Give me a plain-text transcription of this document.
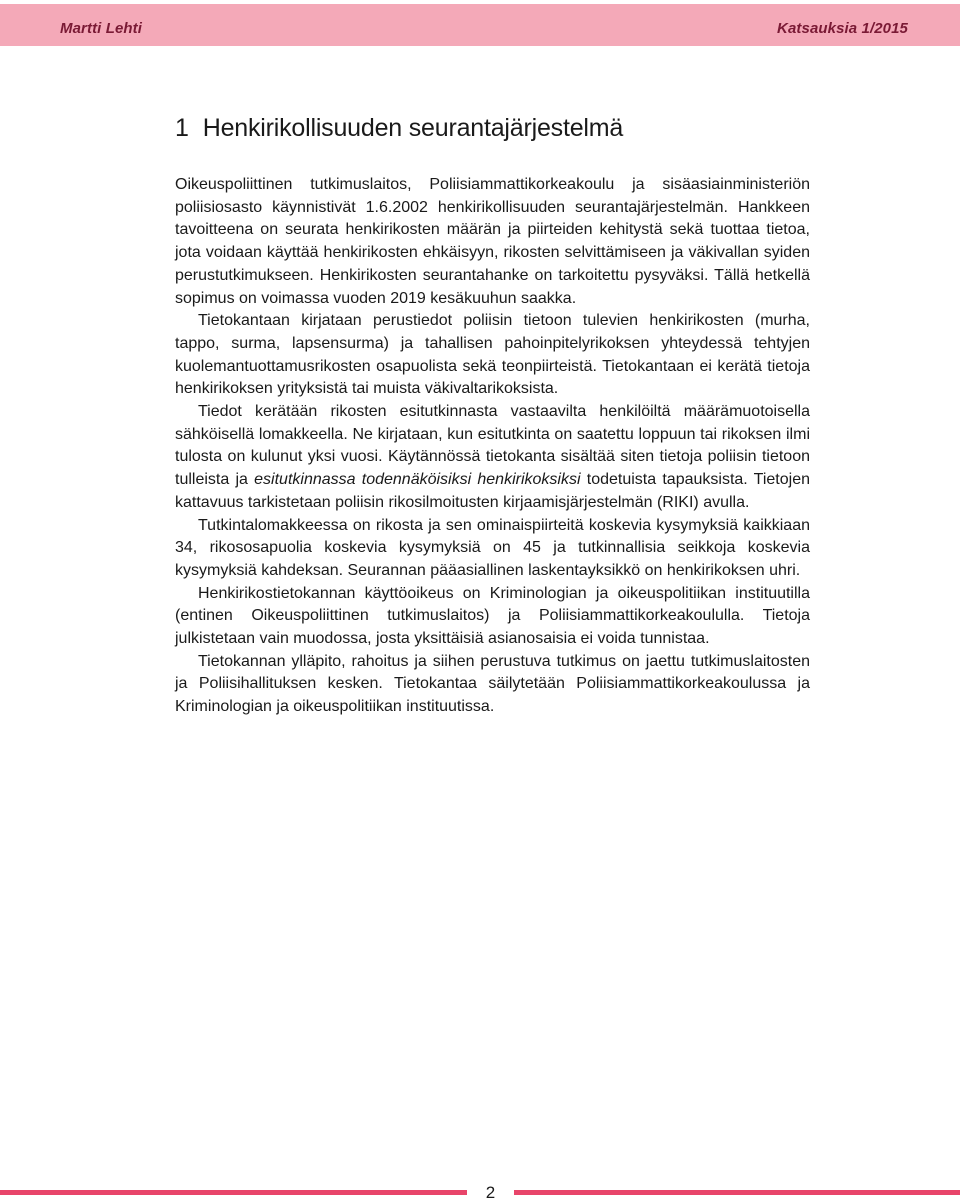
Martti Lehti	Katsauksia 1/2015
1 Henkirikollisuuden seurantajärjestelmä

Oikeuspoliittinen tutkimuslaitos, Poliisiammattikorkeakoulu ja sisäasiainministeriön poliisiosasto käynnistivät 1.6.2002 henkirikollisuuden seurantajärjestelmän. Hankkeen tavoitteena on seurata henkirikosten määrän ja piirteiden kehitystä sekä tuottaa tietoa, jota voidaan käyttää henkirikosten ehkäisyyn, rikosten selvittämiseen ja väkivallan syiden perustutkimukseen. Henkirikosten seurantahanke on tarkoitettu pysyväksi. Tällä hetkellä sopimus on voimassa vuoden 2019 kesäkuuhun saakka.

Tietokantaan kirjataan perustiedot poliisin tietoon tulevien henkirikosten (murha, tappo, surma, lapsensurma) ja tahallisen pahoinpitelyrikoksen yhteydessä tehtyjen kuolemantuottamusrikosten osapuolista sekä teonpiirteistä. Tietokantaan ei kerätä tietoja henkirikoksen yrityksistä tai muista väkivaltarikoksista.

Tiedot kerätään rikosten esitutkinnasta vastaavilta henkilöiltä määrämuotoisella sähköisellä lomakkeella. Ne kirjataan, kun esitutkinta on saatettu loppuun tai rikoksen ilmi tulosta on kulunut yksi vuosi. Käytännössä tietokanta sisältää siten tietoja poliisin tietoon tulleista ja esitutkinnassa todennäköisiksi henkirikoksiksi todetuista tapauksista. Tietojen kattavuus tarkistetaan poliisin rikosilmoitusten kirjaamisjärjestelmän (RIKI) avulla.

Tutkintalomakkeessa on rikosta ja sen ominaispiirteitä koskevia kysymyksiä kaikkiaan 34, rikososapuolia koskevia kysymyksiä on 45 ja tutkinnallisia seikkoja koskevia kysymyksiä kahdeksan. Seurannan pääasiallinen laskentayksikkö on henkirikoksen uhri.

Henkirikostietokannan käyttöoikeus on Kriminologian ja oikeuspolitiikan instituutilla (entinen Oikeuspoliittinen tutkimuslaitos) ja Poliisiammattikorkeakoululla. Tietoja julkistetaan vain muodossa, josta yksittäisiä asianosaisia ei voida tunnistaa.

Tietokannan ylläpito, rahoitus ja siihen perustuva tutkimus on jaettu tutkimuslaitosten ja Poliisihallituksen kesken. Tietokantaa säilytetään Poliisiammattikorkeakoulussa ja Kriminologian ja oikeuspolitiikan instituutissa.

2
